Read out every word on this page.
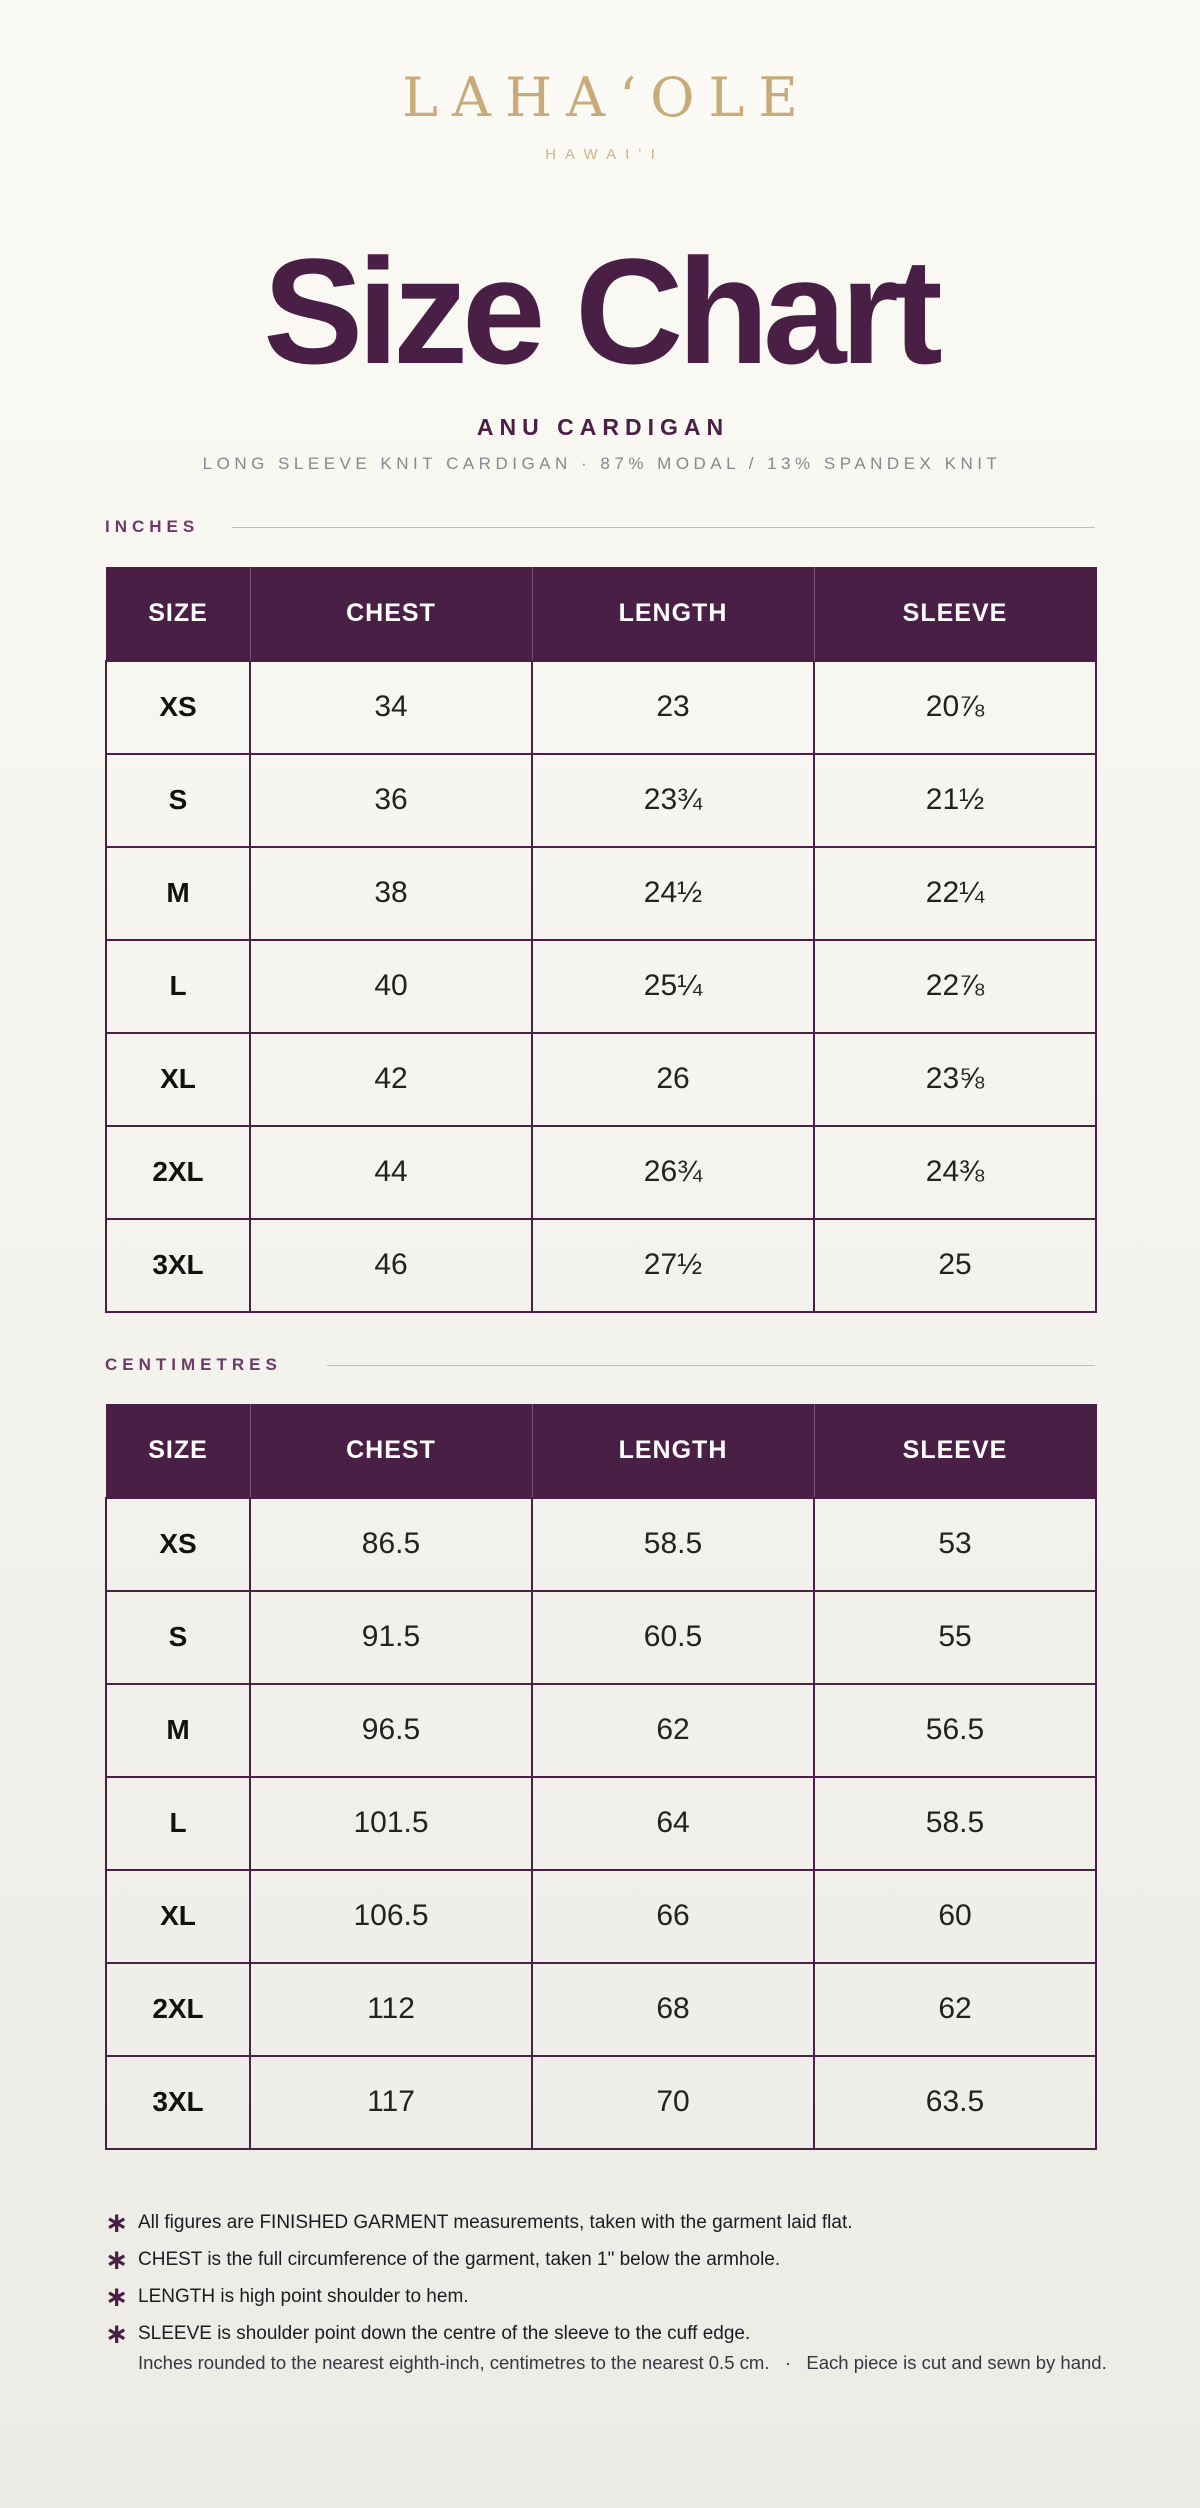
LAHAʻOLE
HAWAIʻI
Size Chart
ANU CARDIGAN
LONG SLEEVE KNIT CARDIGAN · 87% MODAL / 13% SPANDEX KNIT
INCHES
SIZE	CHEST	LENGTH	SLEEVE
XS	34	23	20⅞
S	36	23¾	21½
M	38	24½	22¼
L	40	25¼	22⅞
XL	42	26	23⅝
2XL	44	26¾	24⅜
3XL	46	27½	25
CENTIMETRES
SIZE	CHEST	LENGTH	SLEEVE
XS	86.5	58.5	53
S	91.5	60.5	55
M	96.5	62	56.5
L	101.5	64	58.5
XL	106.5	66	60
2XL	112	68	62
3XL	117	70	63.5
∗ All figures are FINISHED GARMENT measurements, taken with the garment laid flat.
∗ CHEST is the full circumference of the garment, taken 1" below the armhole.
∗ LENGTH is high point shoulder to hem.
∗ SLEEVE is shoulder point down the centre of the sleeve to the cuff edge.
Inches rounded to the nearest eighth-inch, centimetres to the nearest 0.5 cm.   ·   Each piece is cut and sewn by hand.
